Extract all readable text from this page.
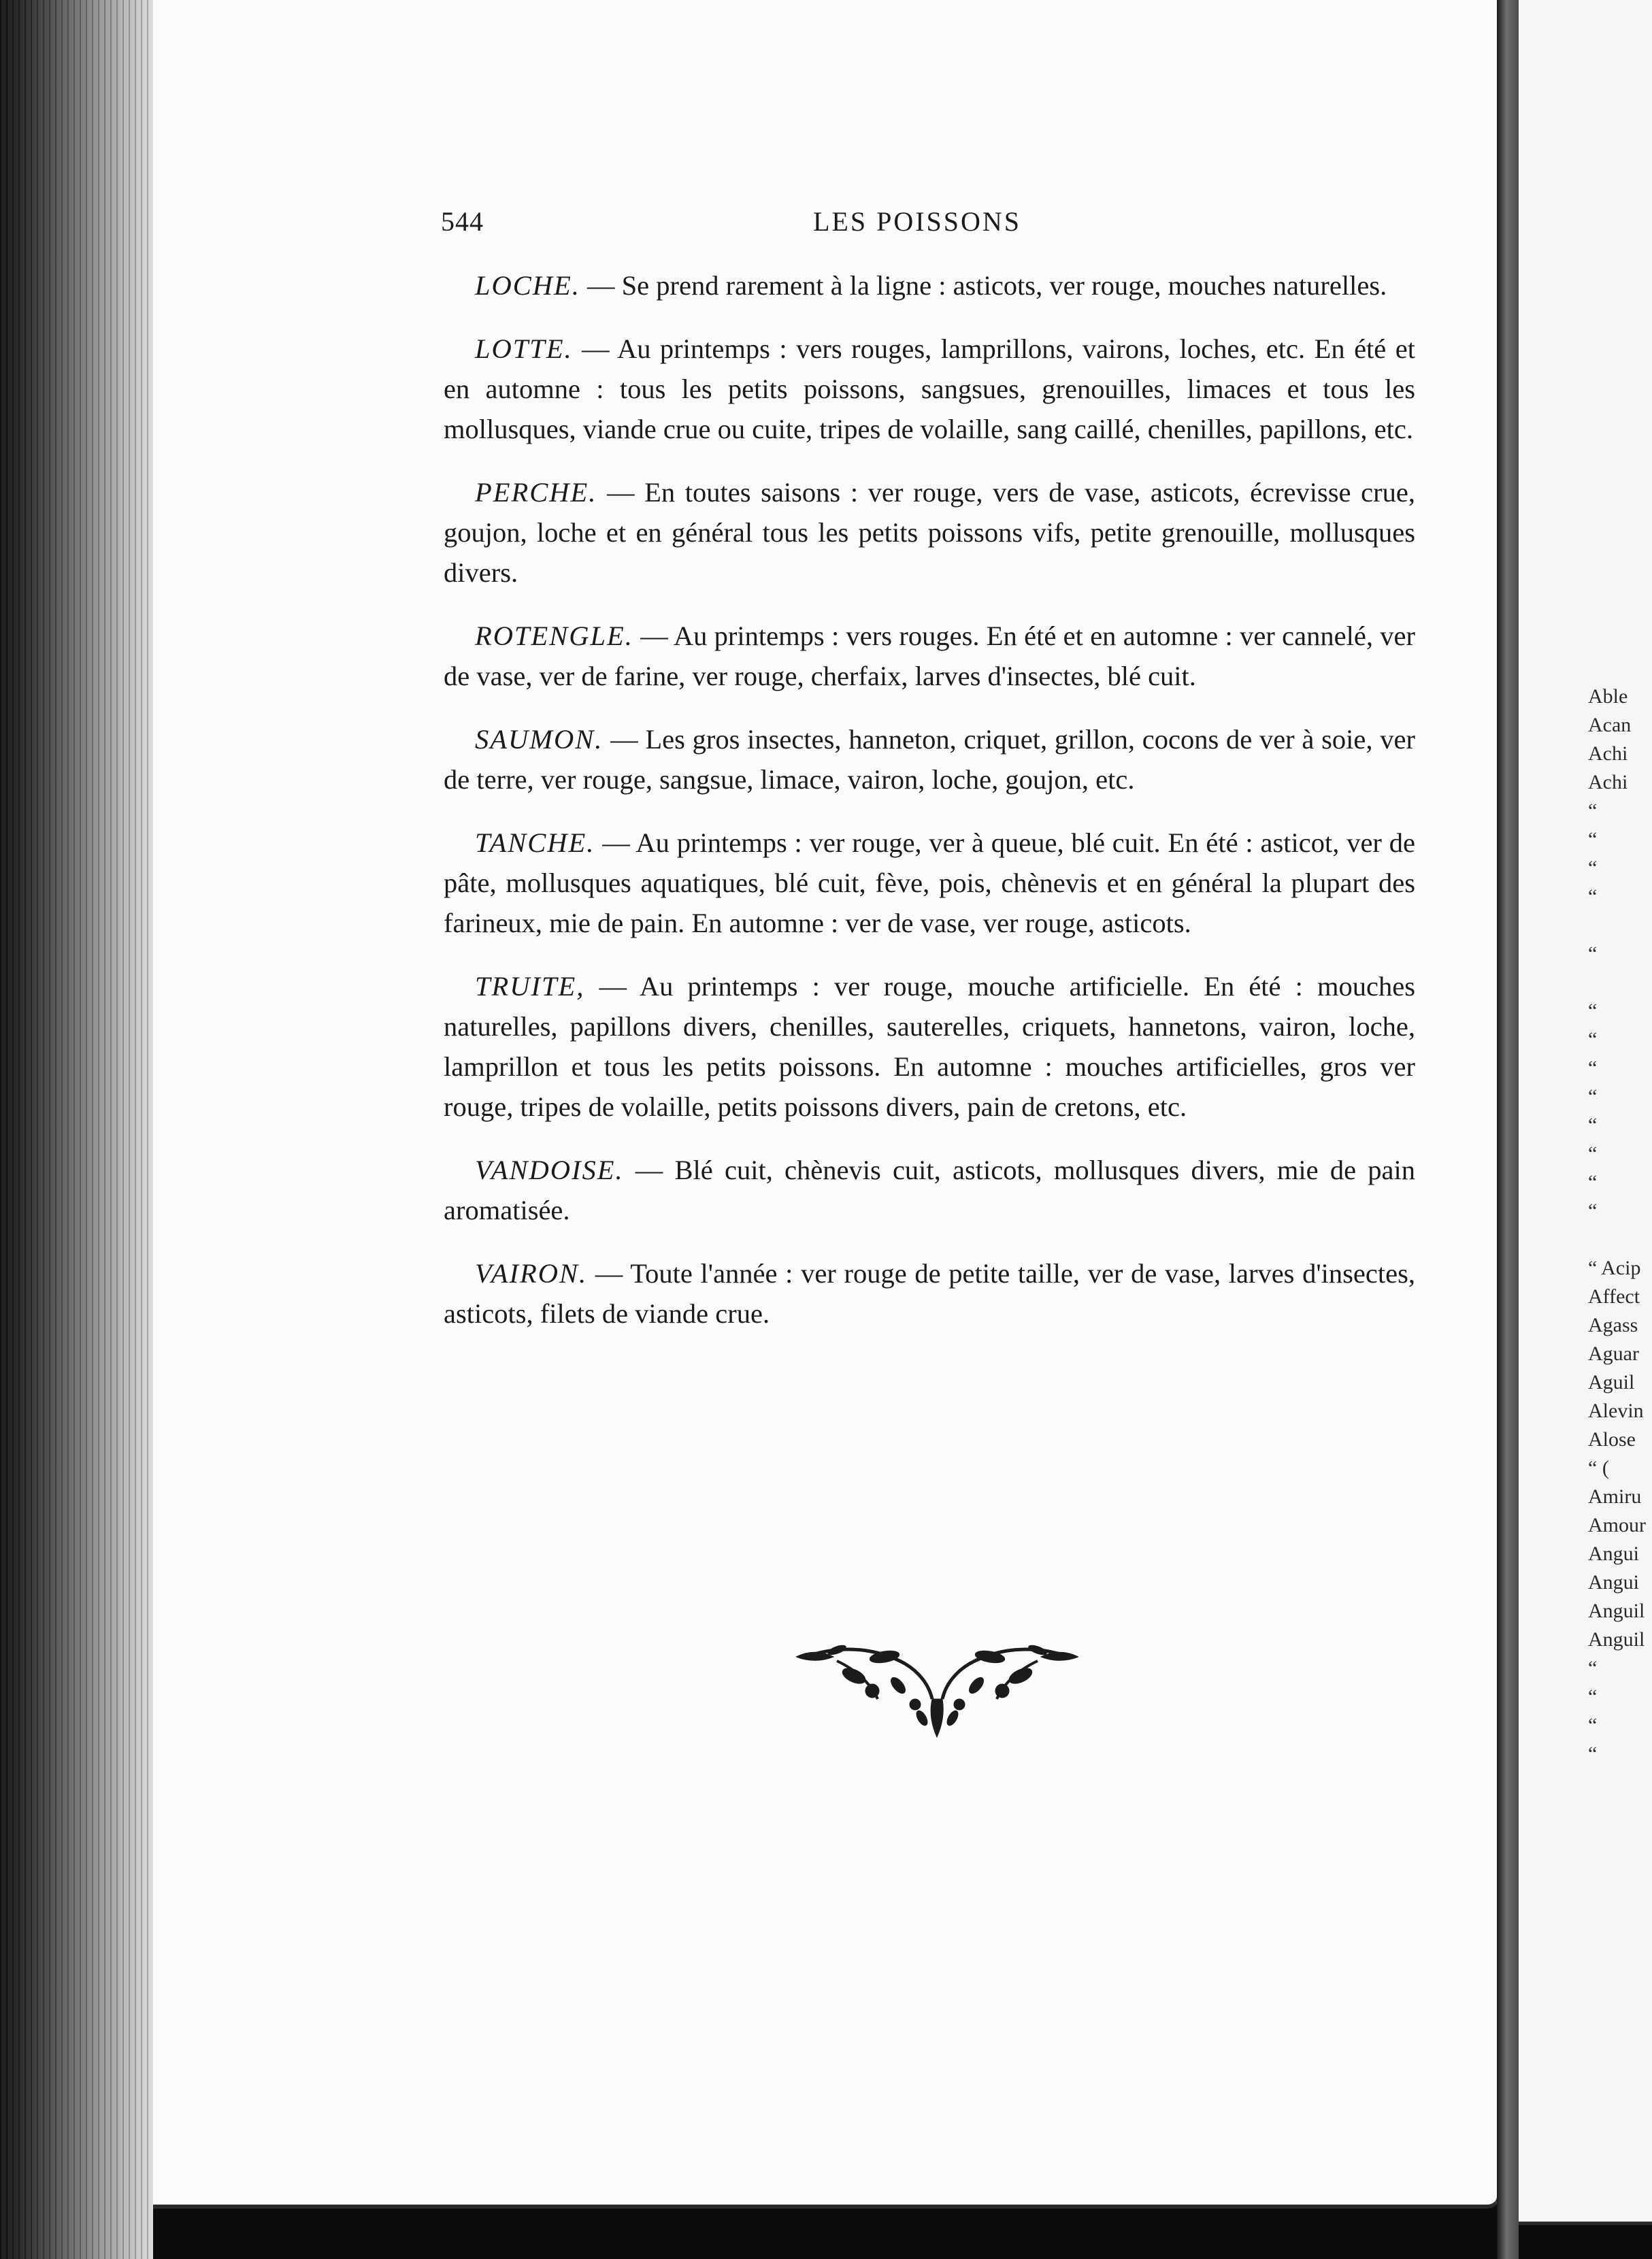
544	LES POISSONS

LOCHE. — Se prend rarement à la ligne : asticots, ver rouge, mouches naturelles.

LOTTE. — Au printemps : vers rouges, lamprillons, vairons, loches, etc. En été et en automne : tous les petits poissons, sangsues, grenouilles, limaces et tous les mollusques, viande crue ou cuite, tripes de volaille, sang caillé, chenilles, papillons, etc.

PERCHE. — En toutes saisons : ver rouge, vers de vase, asticots, écrevisse crue, goujon, loche et en général tous les petits poissons vifs, petite grenouille, mollusques divers.

ROTENGLE. — Au printemps : vers rouges. En été et en automne : ver cannelé, ver de vase, ver de farine, ver rouge, cherfaix, larves d'insectes, blé cuit.

SAUMON. — Les gros insectes, hanneton, criquet, grillon, cocons de ver à soie, ver de terre, ver rouge, sangsue, limace, vairon, loche, goujon, etc.

TANCHE. — Au printemps : ver rouge, ver à queue, blé cuit. En été : asticot, ver de pâte, mollusques aquatiques, blé cuit, fève, pois, chènevis et en général la plupart des farineux, mie de pain. En automne : ver de vase, ver rouge, asticots.

TRUITE, — Au printemps : ver rouge, mouche artificielle. En été : mouches naturelles, papillons divers, chenilles, sauterelles, criquets, hannetons, vairon, loche, lamprillon et tous les petits poissons. En automne : mouches artificielles, gros ver rouge, tripes de volaille, petits poissons divers, pain de cretons, etc.

VANDOISE. — Blé cuit, chènevis cuit, asticots, mollusques divers, mie de pain aromatisée.

VAIRON. — Toute l'année : ver rouge de petite taille, ver de vase, larves d'insectes, asticots, filets de viande crue.

Able
Acan
Achi
Achi
“
“
“
“
“
“
“
“
“
“
“
“
“
“ Acip
Affect
Agass
Aguar
Aguil
Alevin
Alose
“ (
Amiru
Amour
Angui
Angui
Anguil
Anguil
“
“
“
“
